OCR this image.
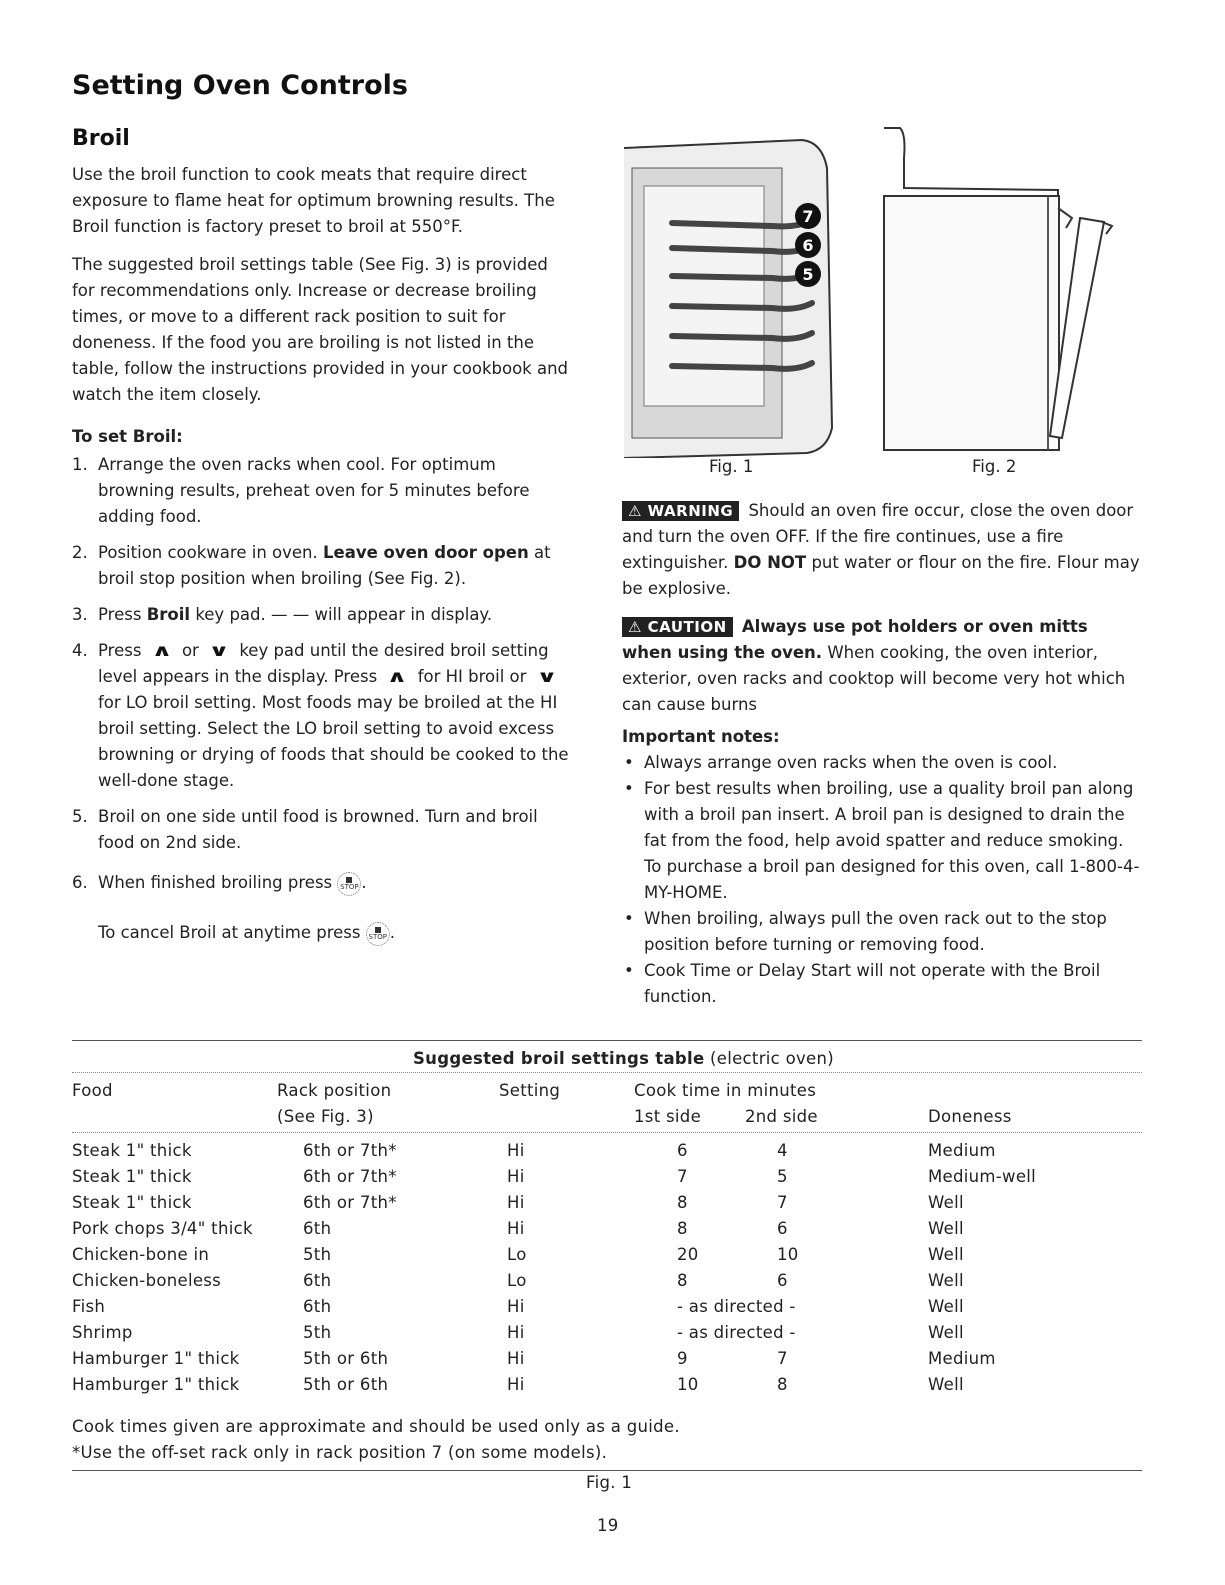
Setting Oven Controls
Broil

Use the broil function to cook meats that require direct exposure to flame heat for optimum browning results. The Broil function is factory preset to broil at 550°F.

The suggested broil settings table (See Fig. 3) is provided for recommendations only. Increase or decrease broiling times, or move to a different rack position to suit for doneness. If the food you are broiling is not listed in the table, follow the instructions provided in your cookbook and watch the item closely.

To set Broil:
1. Arrange the oven racks when cool. For optimum browning results, preheat oven for 5 minutes before adding food.
2. Position cookware in oven. Leave oven door open at broil stop position when broiling (See Fig. 2).
3. Press Broil key pad. — — will appear in display.
4. Press ∧ or ∨ key pad until the desired broil setting level appears in the display. Press ∧ for HI broil or ∨ for LO broil setting. Most foods may be broiled at the HI broil setting. Select the LO broil setting to avoid excess browning or drying of foods that should be cooked to the well-done stage.
5. Broil on one side until food is browned. Turn and broil food on 2nd side.
6. When finished broiling press STOP .
To cancel Broil at anytime press STOP .
7
6
5
Fig. 1	Fig. 2
⚠ WARNING Should an oven fire occur, close the oven door and turn the oven OFF. If the fire continues, use a fire extinguisher. DO NOT put water or flour on the fire. Flour may be explosive.
⚠ CAUTION Always use pot holders or oven mitts when using the oven. When cooking, the oven interior, exterior, oven racks and cooktop will become very hot which can cause burns
Important notes:
• Always arrange oven racks when the oven is cool.
• For best results when broiling, use a quality broil pan along with a broil pan insert. A broil pan is designed to drain the fat from the food, help avoid spatter and reduce smoking. To purchase a broil pan designed for this oven, call 1-800-4-MY-HOME.
• When broiling, always pull the oven rack out to the stop position before turning or removing food.
• Cook Time or Delay Start will not operate with the Broil function.
Suggested broil settings table (electric oven)
Food	Rack position
(See Fig. 3)
Setting	Cook time in minutes
1st side	2nd side	Doneness
Steak 1" thick	6th or 7th*	Hi	6	4	Medium
Steak 1" thick	6th or 7th*	Hi	7	5	Medium-well
Steak 1" thick	6th or 7th*	Hi	8	7	Well
Pork chops 3/4" thick	6th	Hi	8	6	Well
Chicken-bone in	5th	Lo	20	10	Well
Chicken-boneless	6th	Lo	8	6	Well
Fish	6th	Hi	- as directed -	Well
Shrimp	5th	Hi	- as directed -	Well
Hamburger 1" thick	5th or 6th	Hi	9	7	Medium
Hamburger 1" thick	5th or 6th	Hi	10	8	Well
Cook times given are approximate and should be used only as a guide.
*Use the off-set rack only in rack position 7 (on some models).
Fig. 1
19
